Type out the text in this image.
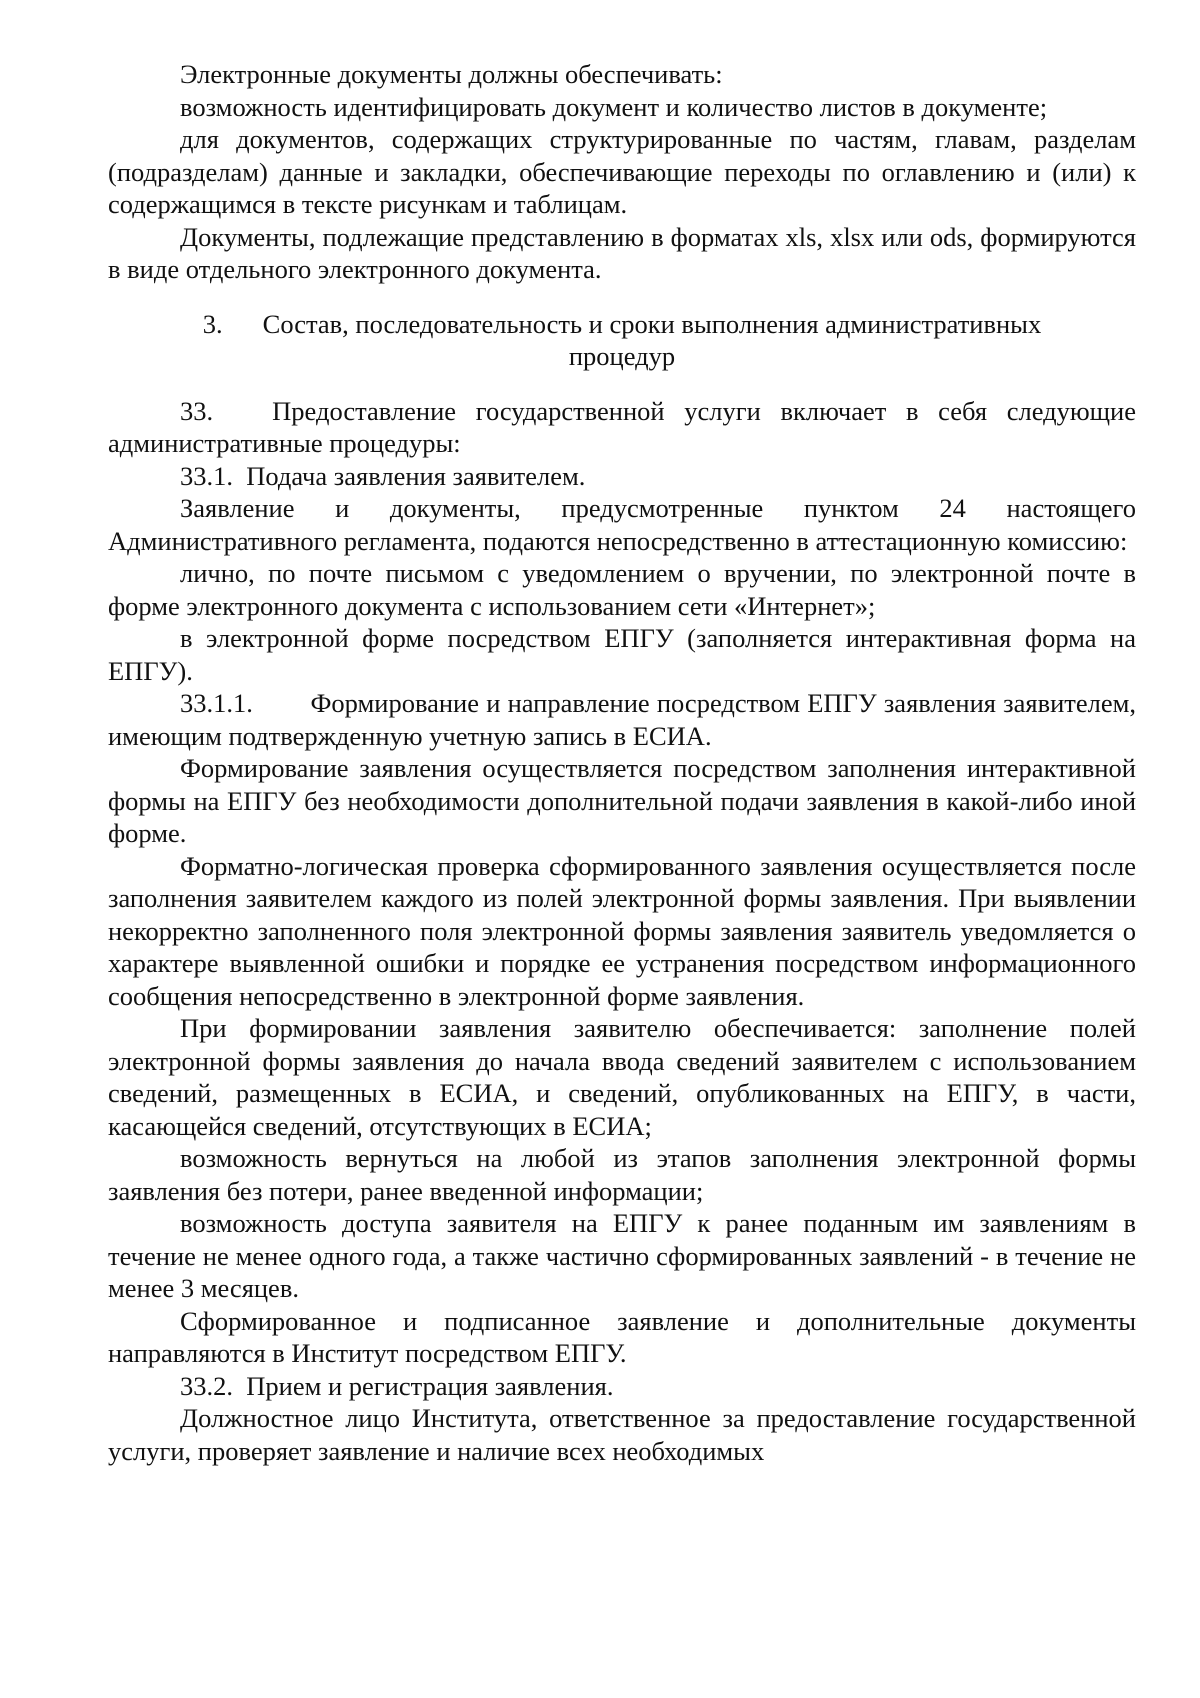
Электронные документы должны обеспечивать:

возможность идентифицировать документ и количество листов в документе;

для документов, содержащих структурированные по частям, главам, разделам (подразделам) данные и закладки, обеспечивающие переходы по оглавлению и (или) к содержащимся в тексте рисункам и таблицам.

Документы, подлежащие представлению в форматах xls, xlsx или ods, формируются в виде отдельного электронного документа.

3. Состав, последовательность и сроки выполнения административных
процедур

33.   Предоставление государственной услуги включает в себя следующие административные процедуры:

33.1.  Подача заявления заявителем.

Заявление и документы, предусмотренные пунктом 24 настоящего Административного регламента, подаются непосредственно в аттестационную комиссию:

лично, по почте письмом с уведомлением о вручении, по электронной почте в форме электронного документа с использованием сети «Интернет»;

в электронной форме посредством ЕПГУ (заполняется интерактивная форма на ЕПГУ).

33.1.1.        Формирование и направление посредством ЕПГУ заявления заявителем, имеющим подтвержденную учетную запись в ЕСИА.

Формирование заявления осуществляется посредством заполнения интерактивной формы на ЕПГУ без необходимости дополнительной подачи заявления в какой-либо иной форме.

Форматно-логическая проверка сформированного заявления осуществляется после заполнения заявителем каждого из полей электронной формы заявления. При выявлении некорректно заполненного поля электронной формы заявления заявитель уведомляется о характере выявленной ошибки и порядке ее устранения посредством информационного сообщения непосредственно в электронной форме заявления.

При формировании заявления заявителю обеспечивается: заполнение полей электронной формы заявления до начала ввода сведений заявителем с использованием сведений, размещенных в ЕСИА, и сведений, опубликованных на ЕПГУ, в части, касающейся сведений, отсутствующих в ЕСИА;

возможность вернуться на любой из этапов заполнения электронной формы заявления без потери, ранее введенной информации;

возможность доступа заявителя на ЕПГУ к ранее поданным им заявлениям в течение не менее одного года, а также частично сформированных заявлений - в течение не менее 3 месяцев.

Сформированное и подписанное заявление и дополнительные документы направляются в Институт посредством ЕПГУ.

33.2.  Прием и регистрация заявления.

Должностное лицо Института, ответственное за предоставление государственной услуги, проверяет заявление и наличие всех необходимых
